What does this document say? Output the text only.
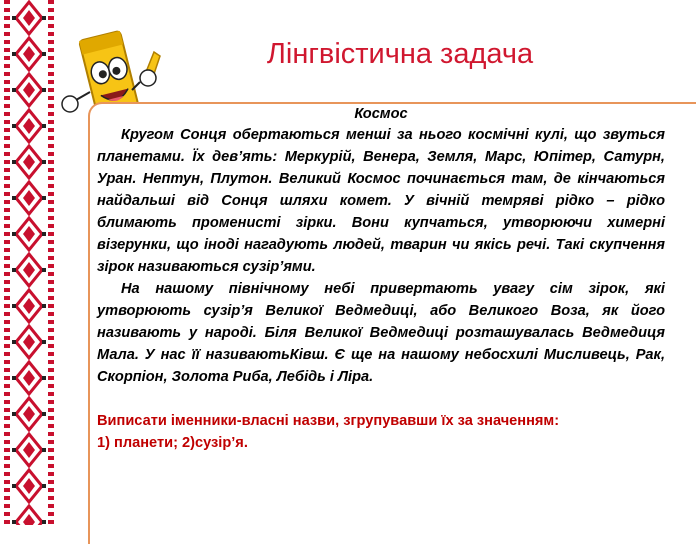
Лінгвістична задача
Космос

Кругом Сонця обертаються менші за нього космічні кулі, що звуться планетами. Їх дев’ять: Меркурій, Венера, Земля, Марс, Юпітер, Сатурн, Уран. Нептун, Плутон. Великий Космос починається там, де кінчаються найдальші від Сонця шляхи комет. У вічній темряві рідко – рідко блимають променисті зірки. Вони купчаться, утворюючи химерні візерунки, що іноді нагадують людей, тварин чи якісь речі. Такі скупчення зірок називаються сузір’ями.

На нашому північному небі привертають увагу сім зірок, які утворюють сузір’я Великої Ведмедиці, або Великого Воза, як його називають у народі. Біля Великої Ведмедиці розташувалась Ведмедиця Мала. У нас її називаютьКівш. Є ще на нашому небосхилі Мисливець, Рак, Скорпіон, Золота Риба, Лебідь і Ліра.

Виписати іменники-власні назви, згрупувавши їх за значенням:

1) планети; 2)сузір’я.
